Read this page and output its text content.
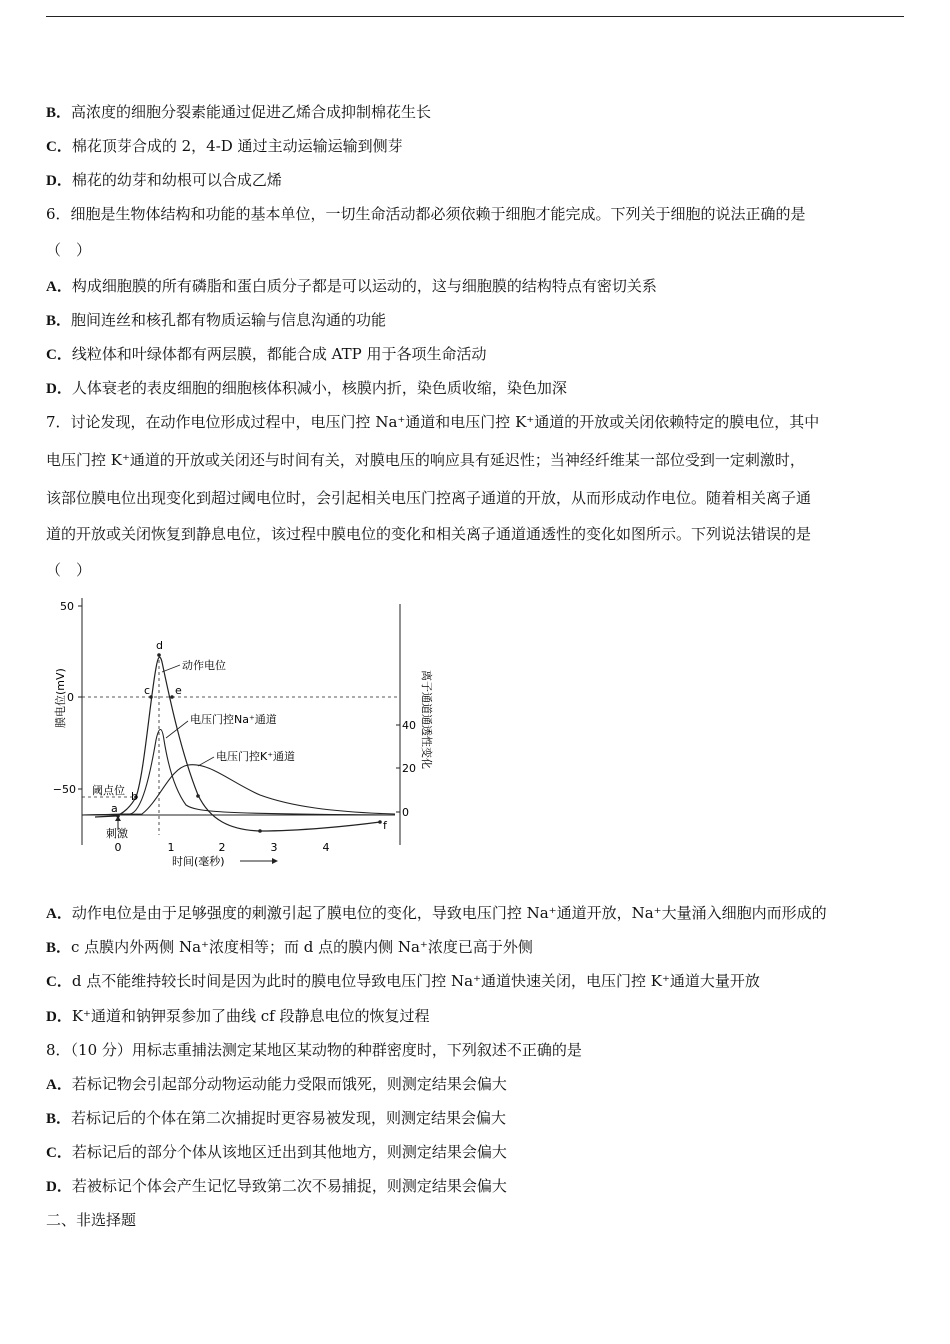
B．高浓度的细胞分裂素能通过促进乙烯合成抑制棉花生长
C．棉花顶芽合成的 2，4-D 通过主动运输运输到侧芽
D．棉花的幼芽和幼根可以合成乙烯
6．细胞是生物体结构和功能的基本单位，一切生命活动都必须依赖于细胞才能完成。下列关于细胞的说法正确的是
（　）
A．构成细胞膜的所有磷脂和蛋白质分子都是可以运动的，这与细胞膜的结构特点有密切关系
B．胞间连丝和核孔都有物质运输与信息沟通的功能
C．线粒体和叶绿体都有两层膜，都能合成 ATP 用于各项生命活动
D．人体衰老的表皮细胞的细胞核体积减小，核膜内折，染色质收缩，染色加深
7．讨论发现，在动作电位形成过程中，电压门控 Na⁺通道和电压门控 K⁺通道的开放或关闭依赖特定的膜电位，其中
电压门控 K⁺通道的开放或关闭还与时间有关，对膜电压的响应具有延迟性；当神经纤维某一部位受到一定刺激时，
该部位膜电位出现变化到超过阈电位时，会引起相关电压门控离子通道的开放，从而形成动作电位。随着相关离子通
道的开放或关闭恢复到静息电位，该过程中膜电位的变化和相关离子通道通透性的变化如图所示。下列说法错误的是
（　）
A．动作电位是由于足够强度的刺激引起了膜电位的变化，导致电压门控 Na⁺通道开放，Na⁺大量涌入细胞内而形成的
B．c 点膜内外两侧 Na⁺浓度相等；而 d 点的膜内侧 Na⁺浓度已高于外侧
C．d 点不能维持较长时间是因为此时的膜电位导致电压门控 Na⁺通道快速关闭，电压门控 K⁺通道大量开放
D．K⁺通道和钠钾泵参加了曲线 cf 段静息电位的恢复过程
8．（10 分）用标志重捕法测定某地区某动物的种群密度时，下列叙述不正确的是
A．若标记物会引起部分动物运动能力受限而饿死，则测定结果会偏大
B．若标记后的个体在第二次捕捉时更容易被发现，则测定结果会偏大
C．若标记后的部分个体从该地区迁出到其他地方，则测定结果会偏大
D．若被标记个体会产生记忆导致第二次不易捕捉，则测定结果会偏大
二、非选择题
50
0
−50
40
20
0
0	1	2	3	4
时间(毫秒)
膜电位(mV)	离子通道通透性变化
a
b
c
d
e
f
阈点位
刺激
动作电位
电压门控Na⁺通道
电压门控K⁺通道
